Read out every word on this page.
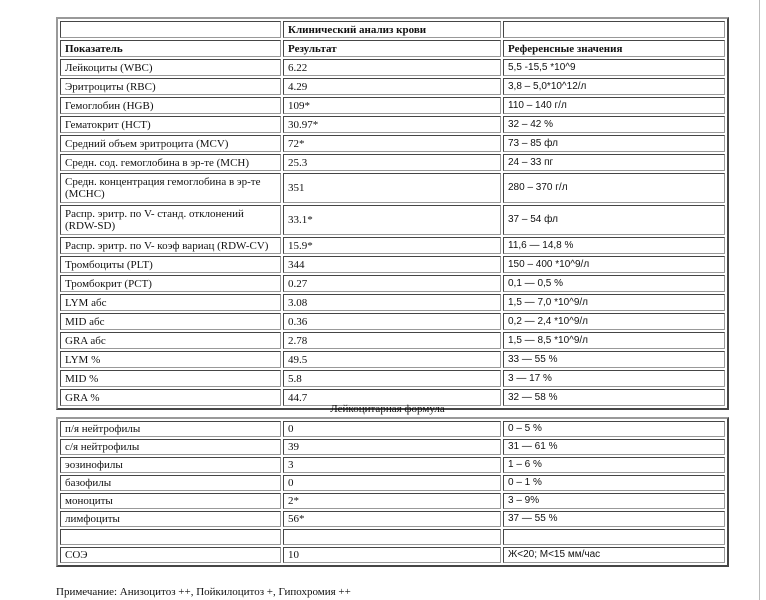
	Клинический анализ крови	
Показатель	Результат	Референсные значения
Лейкоциты (WBC)	6.22	5,5 -15,5 *10^9
Эритроциты (RBC)	4.29	3,8 – 5,0*10^12/л
Гемоглобин (HGB)	109*	110 – 140 г/л
Гематокрит (HCT)	30.97*	32 – 42 %
Средний объем эритроцита (MCV)	72*	73 – 85 фл
Средн. сод. гемоглобина в эр-те (MCH)	25.3	24 – 33 пг
Средн. концентрация гемоглобина в эр-те (MCHC)	351	280 – 370 г/л
Распр. эритр. по V- станд. отклонений (RDW-SD)	33.1*	37 – 54 фл
Распр. эритр. по V- коэф вариац (RDW-CV)	15.9*	11,6 — 14,8 %
Тромбоциты (PLT)	344	150 – 400 *10^9/л
Тромбокрит (PCT)	0.27	0,1 — 0,5 %
LYM абс	3.08	1,5 — 7,0 *10^9/л
MID абс	0.36	0,2 — 2,4 *10^9/л
GRA абс	2.78	1,5 — 8,5 *10^9/л
LYM %	49.5	33 — 55 %
MID %	5.8	3 — 17 %
GRA %	44.7	32 — 58 %
Лейкоцитарная формула
п/я нейтрофилы	0	0 – 5 %
с/я нейтрофилы	39	31 — 61 %
эозинофилы	3	1 – 6 %
базофилы	0	0 – 1 %
моноциты	2*	3 – 9%
лимфоциты	56*	37 — 55 %

СОЭ	10	Ж<20; М<15 мм/час
Примечание: Анизоцитоз ++, Пойкилоцитоз +, Гипохромия ++
